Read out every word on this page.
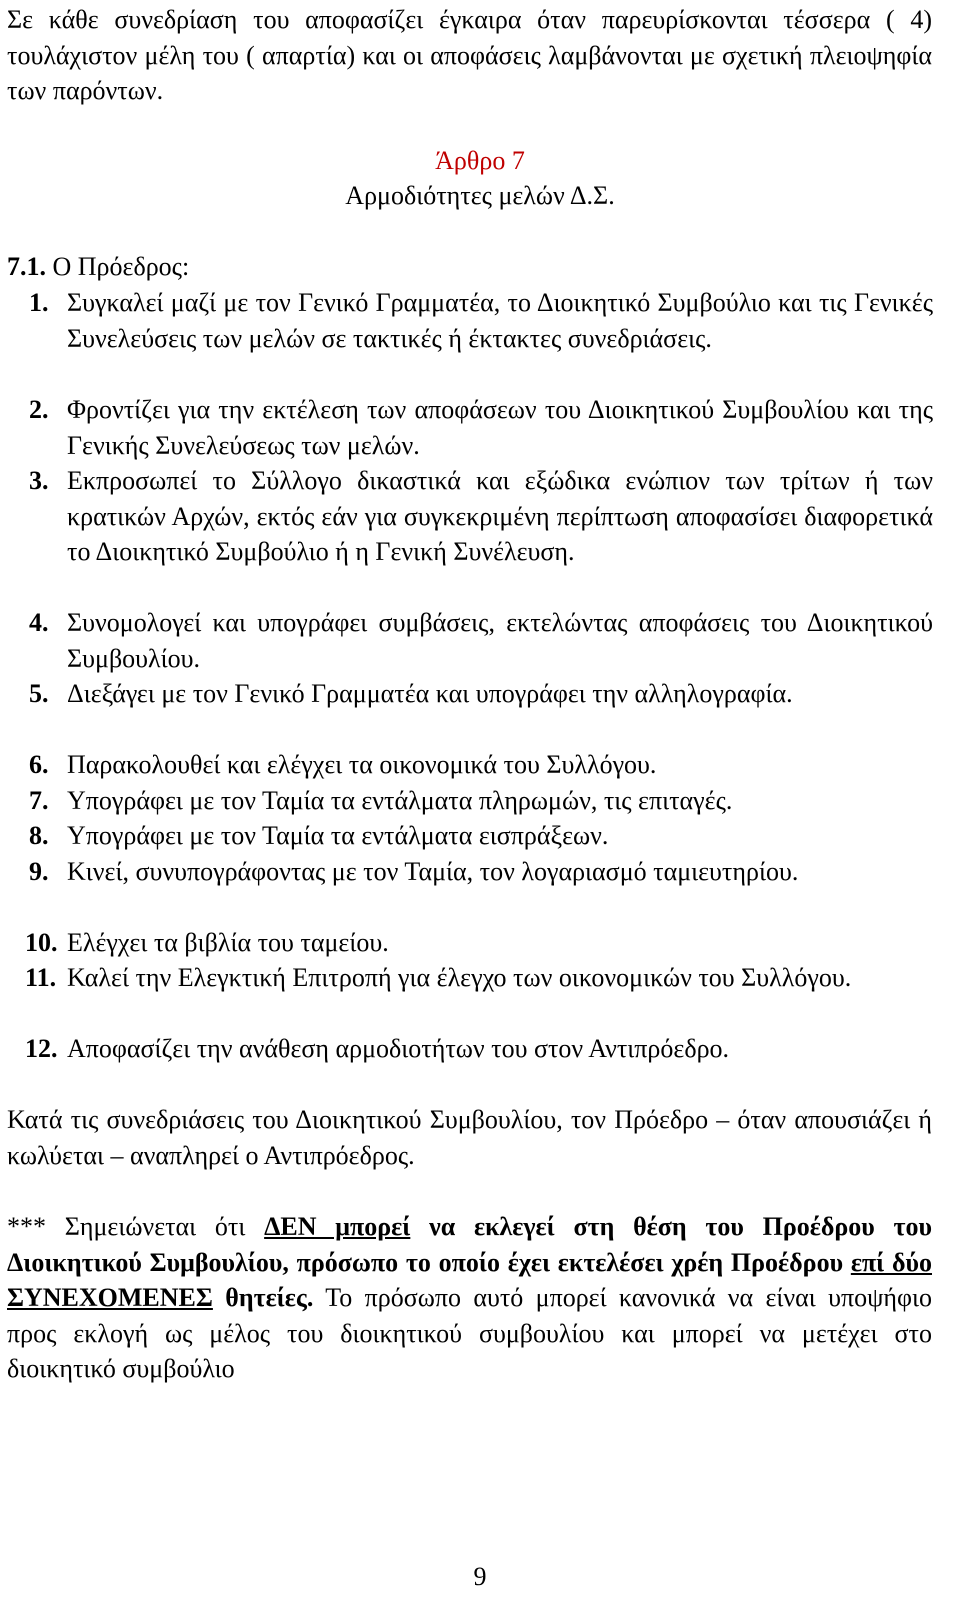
Σε κάθε συνεδρίαση του αποφασίζει έγκαιρα όταν παρευρίσκονται τέσσερα ( 4) τουλάχιστον μέλη του ( απαρτία) και οι αποφάσεις λαμβάνονται με σχετική πλειοψηφία των παρόντων.

Άρθρο 7

Αρμοδιότητες μελών Δ.Σ.

7.1. Ο Πρόεδρος:

1. Συγκαλεί μαζί με τον Γενικό Γραμματέα, το Διοικητικό Συμβούλιο και τις Γενικές Συνελεύσεις των μελών σε τακτικές ή έκτακτες συνεδριάσεις.
2. Φροντίζει για την εκτέλεση των αποφάσεων του Διοικητικού Συμβουλίου και της Γενικής Συνελεύσεως των μελών.
3. Εκπροσωπεί το Σύλλογο δικαστικά και εξώδικα ενώπιον των τρίτων ή των κρατικών Αρχών, εκτός εάν για συγκεκριμένη περίπτωση αποφασίσει διαφορετικά το Διοικητικό Συμβούλιο ή η Γενική Συνέλευση.
4. Συνομολογεί και υπογράφει συμβάσεις, εκτελώντας αποφάσεις του Διοικητικού Συμβουλίου.
5. Διεξάγει με τον Γενικό Γραμματέα και υπογράφει την αλληλογραφία.
6. Παρακολουθεί και ελέγχει τα οικονομικά του Συλλόγου.
7. Υπογράφει με τον Ταμία τα εντάλματα πληρωμών, τις επιταγές.
8. Υπογράφει με τον Ταμία τα εντάλματα εισπράξεων.
9. Κινεί, συνυπογράφοντας με τον Ταμία, τον λογαριασμό ταμιευτηρίου.
10. Ελέγχει τα βιβλία του ταμείου.
11. Καλεί την Ελεγκτική Επιτροπή για έλεγχο των οικονομικών του Συλλόγου.
12. Αποφασίζει την ανάθεση αρμοδιοτήτων του στον Αντιπρόεδρο.

Κατά τις συνεδριάσεις του Διοικητικού Συμβουλίου, τον Πρόεδρο – όταν απουσιάζει ή κωλύεται – αναπληρεί ο Αντιπρόεδρος.

*** Σημειώνεται ότι ΔΕΝ μπορεί να εκλεγεί στη θέση του Προέδρου του Διοικητικού Συμβουλίου, πρόσωπο το οποίο έχει εκτελέσει χρέη Προέδρου επί δύο ΣΥΝΕΧΟΜΕΝΕΣ θητείες. Το πρόσωπο αυτό μπορεί κανονικά να είναι υποψήφιο προς εκλογή ως μέλος του διοικητικού συμβουλίου και μπορεί να μετέχει στο διοικητικό συμβούλιο

9
